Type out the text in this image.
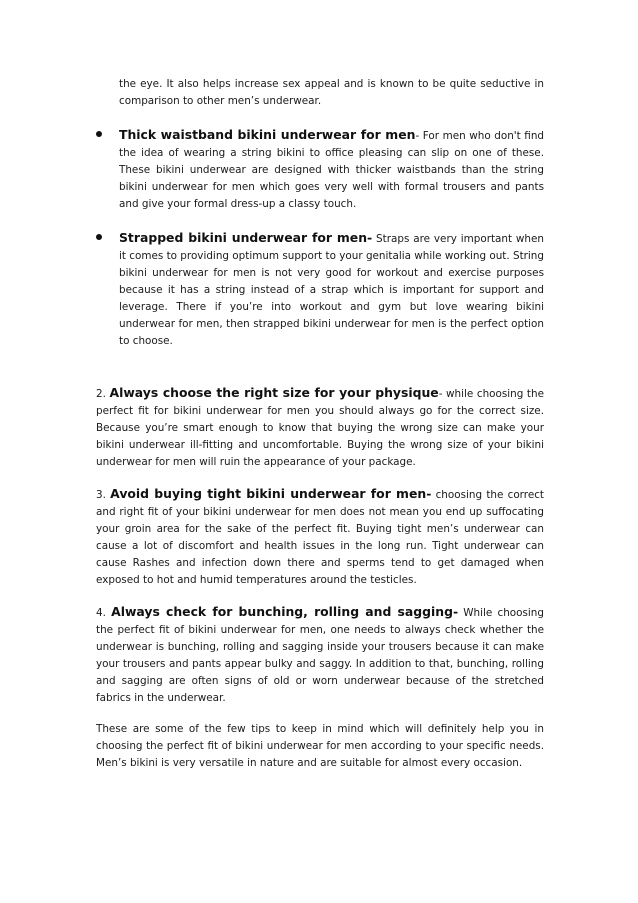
the eye. It also helps increase sex appeal and is known to be quite seductive in comparison to other men’s underwear.

Thick waistband bikini underwear for men- For men who don't find the idea of wearing a string bikini to office pleasing can slip on one of these. These bikini underwear are designed with thicker waistbands than the string bikini underwear for men which goes very well with formal trousers and pants and give your formal dress-up a classy touch.

Strapped bikini underwear for men- Straps are very important when it comes to providing optimum support to your genitalia while working out. String bikini underwear for men is not very good for workout and exercise purposes because it has a string instead of a strap which is important for support and leverage. There if you’re into workout and gym but love wearing bikini underwear for men, then strapped bikini underwear for men is the perfect option to choose.

2. Always choose the right size for your physique- while choosing the perfect fit for bikini underwear for men you should always go for the correct size. Because you’re smart enough to know that buying the wrong size can make your bikini underwear ill-fitting and uncomfortable. Buying the wrong size of your bikini underwear for men will ruin the appearance of your package.

3. Avoid buying tight bikini underwear for men- choosing the correct and right fit of your bikini underwear for men does not mean you end up suffocating your groin area for the sake of the perfect fit. Buying tight men’s underwear can cause a lot of discomfort and health issues in the long run. Tight underwear can cause Rashes and infection down there and sperms tend to get damaged when exposed to hot and humid temperatures around the testicles.

4. Always check for bunching, rolling and sagging- While choosing the perfect fit of bikini underwear for men, one needs to always check whether the underwear is bunching, rolling and sagging inside your trousers because it can make your trousers and pants appear bulky and saggy. In addition to that, bunching, rolling and sagging are often signs of old or worn underwear because of the stretched fabrics in the underwear.

These are some of the few tips to keep in mind which will definitely help you in choosing the perfect fit of bikini underwear for men according to your specific needs. Men’s bikini is very versatile in nature and are suitable for almost every occasion.
